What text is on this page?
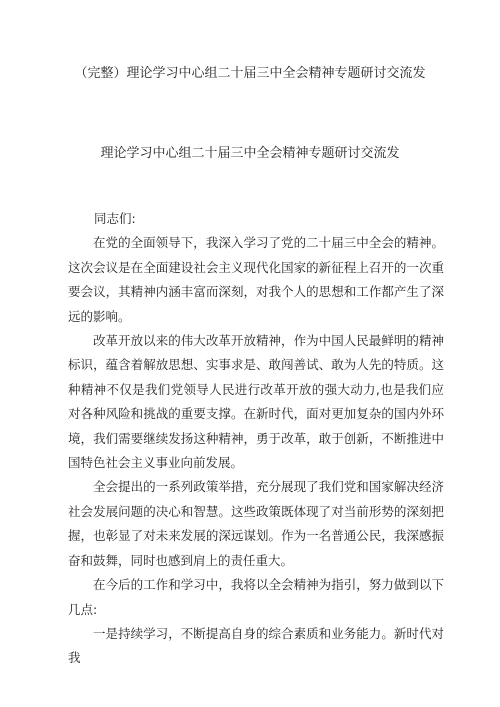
（完整）理论学习中心组二十届三中全会精神专题研讨交流发
理论学习中心组二十届三中全会精神专题研讨交流发

同志们:

在党的全面领导下，我深入学习了党的二十届三中全会的精神。这次会议是在全面建设社会主义现代化国家的新征程上召开的一次重要会议，其精神内涵丰富而深刻，对我个人的思想和工作都产生了深远的影响。

改革开放以来的伟大改革开放精神，作为中国人民最鲜明的精神标识，蕴含着解放思想、实事求是、敢闯善试、敢为人先的特质。这种精神不仅是我们党领导人民进行改革开放的强大动力,也是我们应对各种风险和挑战的重要支撑。在新时代，面对更加复杂的国内外环境，我们需要继续发扬这种精神，勇于改革，敢于创新，不断推进中国特色社会主义事业向前发展。

全会提出的一系列政策举措，充分展现了我们党和国家解决经济社会发展问题的决心和智慧。这些政策既体现了对当前形势的深刻把握，也彰显了对未来发展的深远谋划。作为一名普通公民，我深感振奋和鼓舞，同时也感到肩上的责任重大。

在今后的工作和学习中，我将以全会精神为指引，努力做到以下几点:

一是持续学习，不断提高自身的综合素质和业务能力。新时代对我
